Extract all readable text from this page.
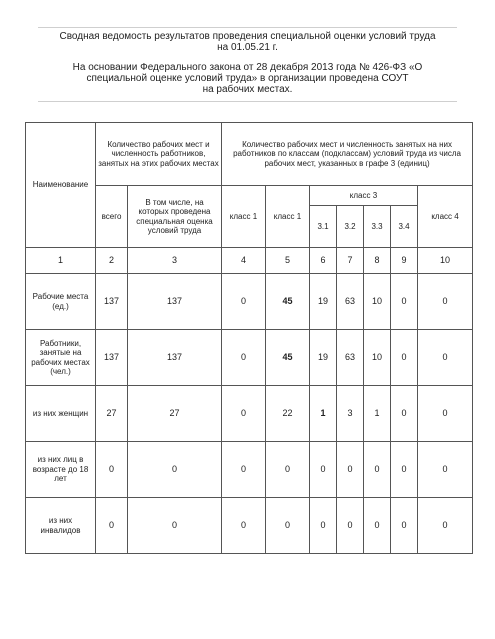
Сводная ведомость результатов проведения специальной оценки условий труда
на 01.05.21 г.
На основании Федерального закона от 28 декабря 2013 года № 426-ФЗ «О
специальной оценке условий труда» в организации проведена СОУТ
на рабочих местах.
Наименование	Количество рабочих мест и численность работников, занятых на этих рабочих местах		Количество рабочих мест и численность занятых на них работников по классам (подклассам) условий труда из числа рабочих мест, указанных в графе 3 (единиц)						
	всего	В том числе, на которых проведена специальная оценка условий труда	класс 1	класс 1	класс 3				класс 4
					3.1	3.2	3.3	3.4	
1	2	3	4	5	6	7	8	9	10
Рабочие места (ед.)	137	137	0	45	19	63	10	0	0
Работники, занятые на рабочих местах (чел.)	137	137	0	45	19	63	10	0	0
из них женщин	27	27	0	22	1	3	1	0	0
из них лиц в возрасте до 18 лет	0	0	0	0	0	0	0	0	0
из них инвалидов	0	0	0	0	0	0	0	0	0
